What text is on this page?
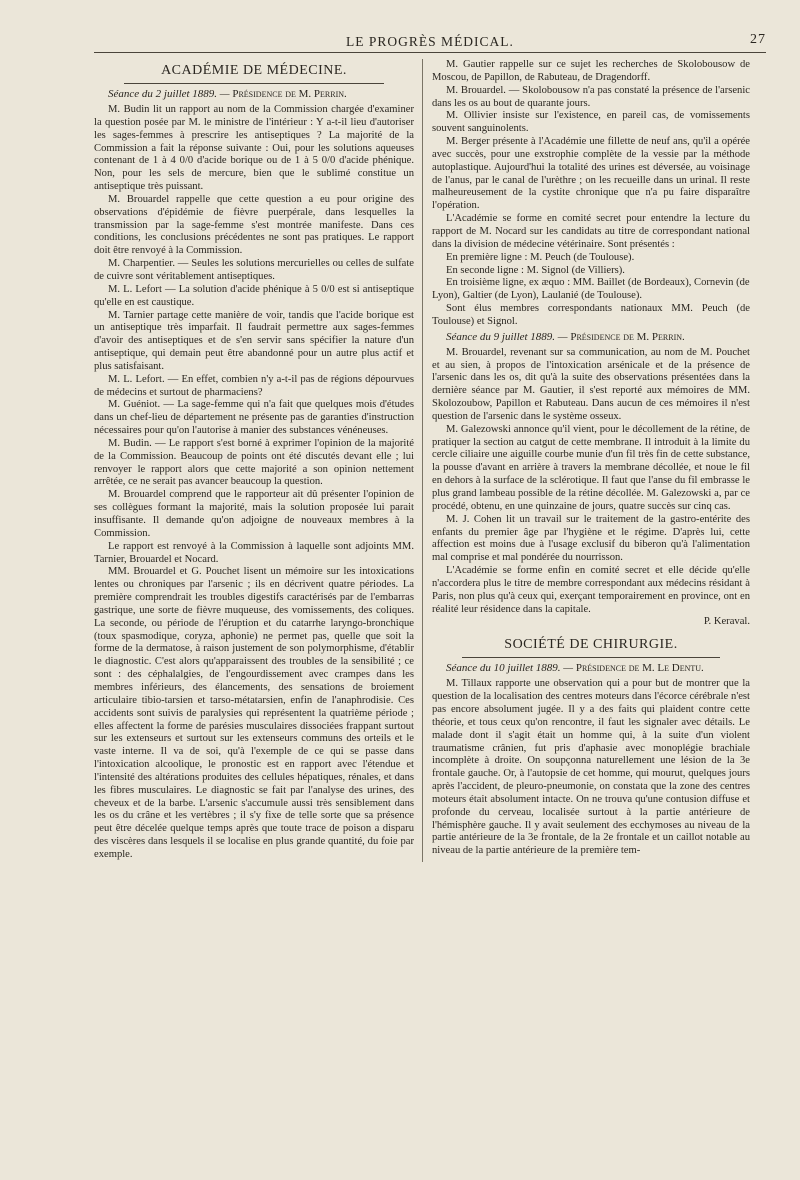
LE PROGRÈS MÉDICAL.	27
ACADÉMIE DE MÉDECINE.
Séance du 2 juillet 1889. — Présidence de M. Perrin.

M. Budin lit un rapport au nom de la Commission chargée d'examiner la question posée par M. le ministre de l'intérieur : Y a-t-il lieu d'autoriser les sages-femmes à prescrire les antiseptiques ? La majorité de la Commission a fait la réponse suivante : Oui, pour les solutions aqueuses contenant de 1 à 4 0/0 d'acide borique ou de 1 à 5 0/0 d'acide phénique. Non, pour les sels de mercure, bien que le sublimé constitue un antiseptique très puissant.

M. Brouardel rappelle que cette question a eu pour origine des observations d'épidémie de fièvre puerpérale, dans lesquelles la transmission par la sage-femme s'est montrée manifeste. Dans ces conditions, les conclusions précédentes ne sont pas pratiques. Le rapport doit être renvoyé à la Commission.

M. Charpentier. — Seules les solutions mercurielles ou celles de sulfate de cuivre sont véritablement antiseptiques.

M. L. Lefort — La solution d'acide phénique à 5 0/0 est si antiseptique qu'elle en est caustique.

M. Tarnier partage cette manière de voir, tandis que l'acide borique est un antiseptique très imparfait. Il faudrait permettre aux sages-femmes d'avoir des antiseptiques et de s'en servir sans spécifier la nature d'un antiseptique, qui demain peut être abandonné pour un autre plus actif et plus satisfaisant.

M. L. Lefort. — En effet, combien n'y a-t-il pas de régions dépourvues de médecins et surtout de pharmaciens?

M. Guéniot. — La sage-femme qui n'a fait que quelques mois d'études dans un chef-lieu de département ne présente pas de garanties d'instruction nécessaires pour qu'on l'autorise à manier des substances vénéneuses.

M. Budin. — Le rapport s'est borné à exprimer l'opinion de la majorité de la Commission. Beaucoup de points ont été discutés devant elle ; lui renvoyer le rapport alors que cette majorité a son opinion nettement arrêtée, ce ne serait pas avancer beaucoup la question.

M. Brouardel comprend que le rapporteur ait dû présenter l'opinion de ses collègues formant la majorité, mais la solution proposée lui parait insuffisante. Il demande qu'on adjoigne de nouveaux membres à la Commission.

Le rapport est renvoyé à la Commission à laquelle sont adjoints MM. Tarnier, Brouardel et Nocard.

MM. Brouardel et G. Pouchet lisent un mémoire sur les intoxications lentes ou chroniques par l'arsenic ; ils en décrivent quatre périodes. La première comprendrait les troubles digestifs caractérisés par de l'embarras gastrique, une sorte de fièvre muqueuse, des vomissements, des coliques. La seconde, ou période de l'éruption et du catarrhe laryngo-bronchique (toux spasmodique, coryza, aphonie) ne permet pas, quelle que soit la forme de la dermatose, à raison justement de son polymorphisme, d'établir le diagnostic. C'est alors qu'apparaissent des troubles de la sensibilité ; ce sont : des céphalalgies, de l'engourdissement avec crampes dans les membres inférieurs, des élancements, des sensations de broiement articulaire tibio-tarsien et tarso-métatarsien, enfin de l'anaphrodisie. Ces accidents sont suivis de paralysies qui représentent la quatrième période ; elles affectent la forme de parésies musculaires dissociées frappant surtout sur les extenseurs et surtout sur les extenseurs communs des orteils et le vaste interne. Il va de soi, qu'à l'exemple de ce qui se passe dans l'intoxication alcoolique, le pronostic est en rapport avec l'étendue et l'intensité des altérations produites des cellules hépatiques, rénales, et dans les fibres musculaires. Le diagnostic se fait par l'analyse des urines, des cheveux et de la barbe. L'arsenic s'accumule aussi très sensiblement dans les os du crâne et les vertèbres ; il s'y fixe de telle sorte que sa présence peut être décelée quelque temps après que toute trace de poison a disparu des viscères dans lesquels il se localise en plus grande quantité, du foie par exemple.

M. Gautier rappelle sur ce sujet les recherches de Skolobousow de Moscou, de Papillon, de Rabuteau, de Dragendorff.

M. Brouardel. — Skolobousow n'a pas constaté la présence de l'arsenic dans les os au bout de quarante jours.

M. Ollivier insiste sur l'existence, en pareil cas, de vomissements souvent sanguinolents.

M. Berger présente à l'Académie une fillette de neuf ans, qu'il a opérée avec succès, pour une exstrophie complète de la vessie par la méthode autoplastique. Aujourd'hui la totalité des urines est déversée, au voisinage de l'anus, par le canal de l'urèthre ; on les recueille dans un urinal. Il reste malheureusement de la cystite chronique que n'a pu faire disparaître l'opération.

L'Académie se forme en comité secret pour entendre la lecture du rapport de M. Nocard sur les candidats au titre de correspondant national dans la division de médecine vétérinaire. Sont présentés :

En première ligne : M. Peuch (de Toulouse).
En seconde ligne : M. Signol (de Villiers).
En troisième ligne, ex æquo : MM. Baillet (de Bordeaux), Cornevin (de Lyon), Galtier (de Lyon), Laulanié (de Toulouse).

Sont élus membres correspondants nationaux MM. Peuch (de Toulouse) et Signol.

Séance du 9 juillet 1889. — Présidence de M. Perrin.

M. Brouardel, revenant sur sa communication, au nom de M. Pouchet et au sien, à propos de l'intoxication arsénicale et de la présence de l'arsenic dans les os, dit qu'à la suite des observations présentées dans la dernière séance par M. Gautier, il s'est reporté aux mémoires de MM. Skolozoubow, Papillon et Rabuteau. Dans aucun de ces mémoires il n'est question de l'arsenic dans le système osseux.

M. Galezowski annonce qu'il vient, pour le décollement de la rétine, de pratiquer la section au catgut de cette membrane. Il introduit à la limite du cercle ciliaire une aiguille courbe munie d'un fil très fin de cette substance, la pousse d'avant en arrière à travers la membrane décollée, et noue le fil en dehors à la surface de la sclérotique. Il faut que l'anse du fil embrasse le plus grand lambeau possible de la rétine décollée. M. Galezowski a, par ce procédé, obtenu, en une quinzaine de jours, quatre succès sur cinq cas.

M. J. Cohen lit un travail sur le traitement de la gastro-entérite des enfants du premier âge par l'hygiène et le régime. D'après lui, cette affection est moins due à l'usage exclusif du biberon qu'à l'alimentation mal comprise et mal pondérée du nourrisson.

L'Académie se forme enfin en comité secret et elle décide qu'elle n'accordera plus le titre de membre correspondant aux médecins résidant à Paris, non plus qu'à ceux qui, exerçant temporairement en province, ont en réalité leur résidence dans la capitale.

P. Keraval.

SOCIÉTÉ DE CHIRURGIE.
Séance du 10 juillet 1889. — Présidence de M. Le Dentu.

M. Tillaux rapporte une observation qui a pour but de montrer que la question de la localisation des centres moteurs dans l'écorce cérébrale n'est pas encore absolument jugée. Il y a des faits qui plaident contre cette théorie, et tous ceux qu'on rencontre, il faut les signaler avec détails. Le malade dont il s'agit était un homme qui, à la suite d'un violent traumatisme crânien, fut pris d'aphasie avec monoplégie brachiale incomplète à droite. On soupçonna naturellement une lésion de la 3e frontale gauche. Or, à l'autopsie de cet homme, qui mourut, quelques jours après l'accident, de pleuro-pneumonie, on constata que la zone des centres moteurs était absolument intacte. On ne trouva qu'une contusion diffuse et profonde du cerveau, localisée surtout à la partie antérieure de l'hémisphère gauche. Il y avait seulement des ecchymoses au niveau de la partie antérieure de la 3e frontale, de la 2e frontale et un caillot notable au niveau de la partie antérieure de la première tem-
